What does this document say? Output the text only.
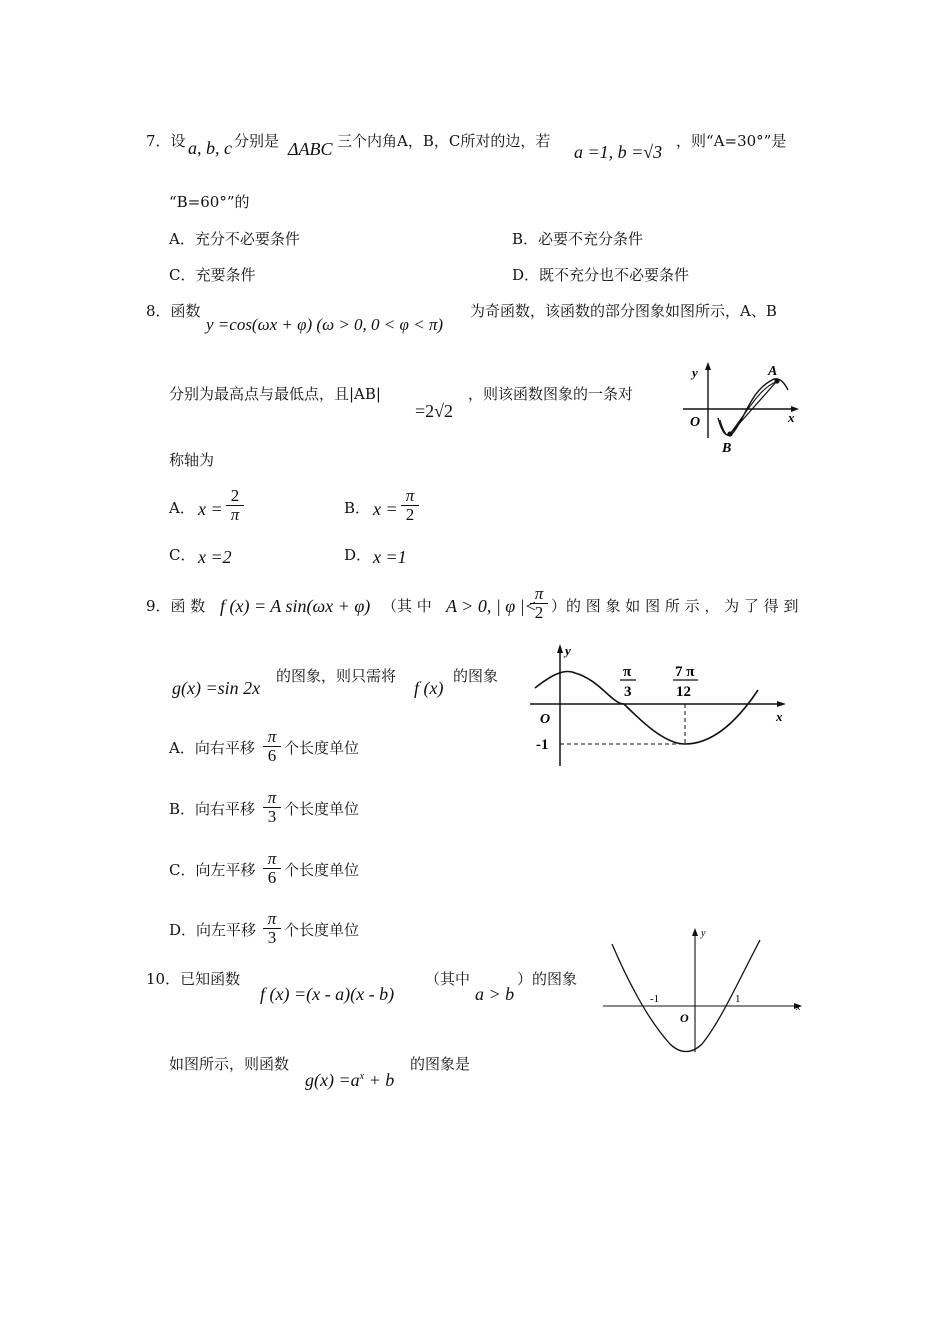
7．设 a, b, c 分别是 ΔABC 三个内角A，B，C所对的边，若
a =1, b =√3
，则“A=30°”是
“B=60°”的
A．充分不必要条件	B．必要不充分条件
C．充要条件	D．既不充分也不必要条件
8．函数
y =cos(ωx + φ) (ω > 0, 0 < φ < π)
为奇函数，该函数的部分图象如图所示，A、B
分别为最高点与最低点，且|AB|
=2√2
，则该函数图象的一条对
称轴为
A． $x = \frac{2}{\pi}$	B． $x = \frac{\pi}{2}$
C． x =2	D． x =1
y
x
O
A
B
9．函 数 f (x) = A sin(ωx + φ) （其 中 A > 0, | φ |<
$\frac{\pi}{2}$ ）的 图 象 如 图 所 示 ， 为 了 得 到
g(x) =sin 2x
的图象，则只需将
f (x)
的图象
A．向右平移 $\frac{\pi}{6}$ 个长度单位
B．向右平移 $\frac{\pi}{3}$ 个长度单位
C．向左平移 $\frac{\pi}{6}$ 个长度单位
D．向左平移 $\frac{\pi}{3}$ 个长度单位
y
x
O
π
3
7 π
12
-1
10．已知函数
f (x) =(x - a)(x - b)
（其中
a > b
）的图象
如图所示，则函数
$g(x) =a^x + b$
的图象是
y
x
O
-1	1
